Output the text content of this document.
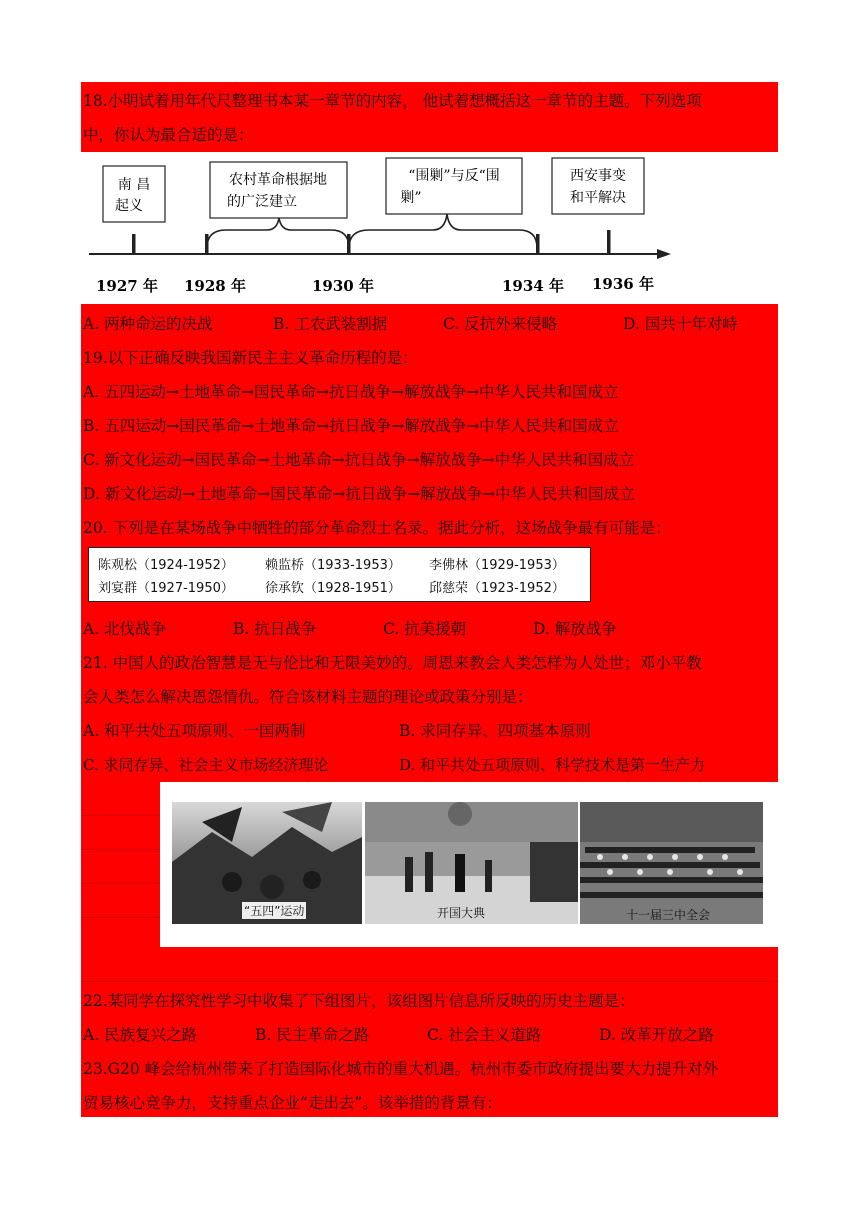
18.小明试着用年代尺整理书本某一章节的内容， 他试着想概括这一章节的主题。下列选项
中，你认为最合适的是：
南 昌
起义
农村革命根据地
的广泛建立
“围剿”与反“围
剿”
西安事变
和平解决
1927 年 1928 年	1930 年	1934 年 1936 年
A. 两种命运的决战	B. 工农武装割据	C. 反抗外来侵略	D. 国共十年对峙
19.以下正确反映我国新民主主义革命历程的是：
A. 五四运动→土地革命→国民革命→抗日战争→解放战争→中华人民共和国成立
B. 五四运动→国民革命→土地革命→抗日战争→解放战争→中华人民共和国成立
C. 新文化运动→国民革命→土地革命→抗日战争→解放战争→中华人民共和国成立
D. 新文化运动→土地革命→国民革命→抗日战争→解放战争→中华人民共和国成立
20. 下列是在某场战争中牺牲的部分革命烈士名录。据此分析，这场战争最有可能是：
陈观松（1924-1952） 赖监桥（1933-1953） 李佛林（1929-1953）
刘宴群（1927-1950） 徐承钦（1928-1951） 邱慈荣（1923-1952）
A. 北伐战争	B. 抗日战争	C. 抗美援朝	D. 解放战争
21. 中国人的政治智慧是无与伦比和无限美妙的。周恩来教会人类怎样为人处世；邓小平教
会人类怎么解决恩怨情仇。符合该材料主题的理论或政策分别是：
A. 和平共处五项原则、一国两制	B. 求同存异、四项基本原则
C. 求同存异、社会主义市场经济理论	D. 和平共处五项原则、科学技术是第一生产力
“五四”运动	开国大典	十一届三中全会
22.某同学在探究性学习中收集了下组图片，该组图片信息所反映的历史主题是：
A. 民族复兴之路	B. 民主革命之路	C. 社会主义道路	D. 改革开放之路
23.G20 峰会给杭州带来了打造国际化城市的重大机遇。杭州市委市政府提出要大力提升对外
贸易核心竞争力，支持重点企业“走出去”。该举措的背景有：
